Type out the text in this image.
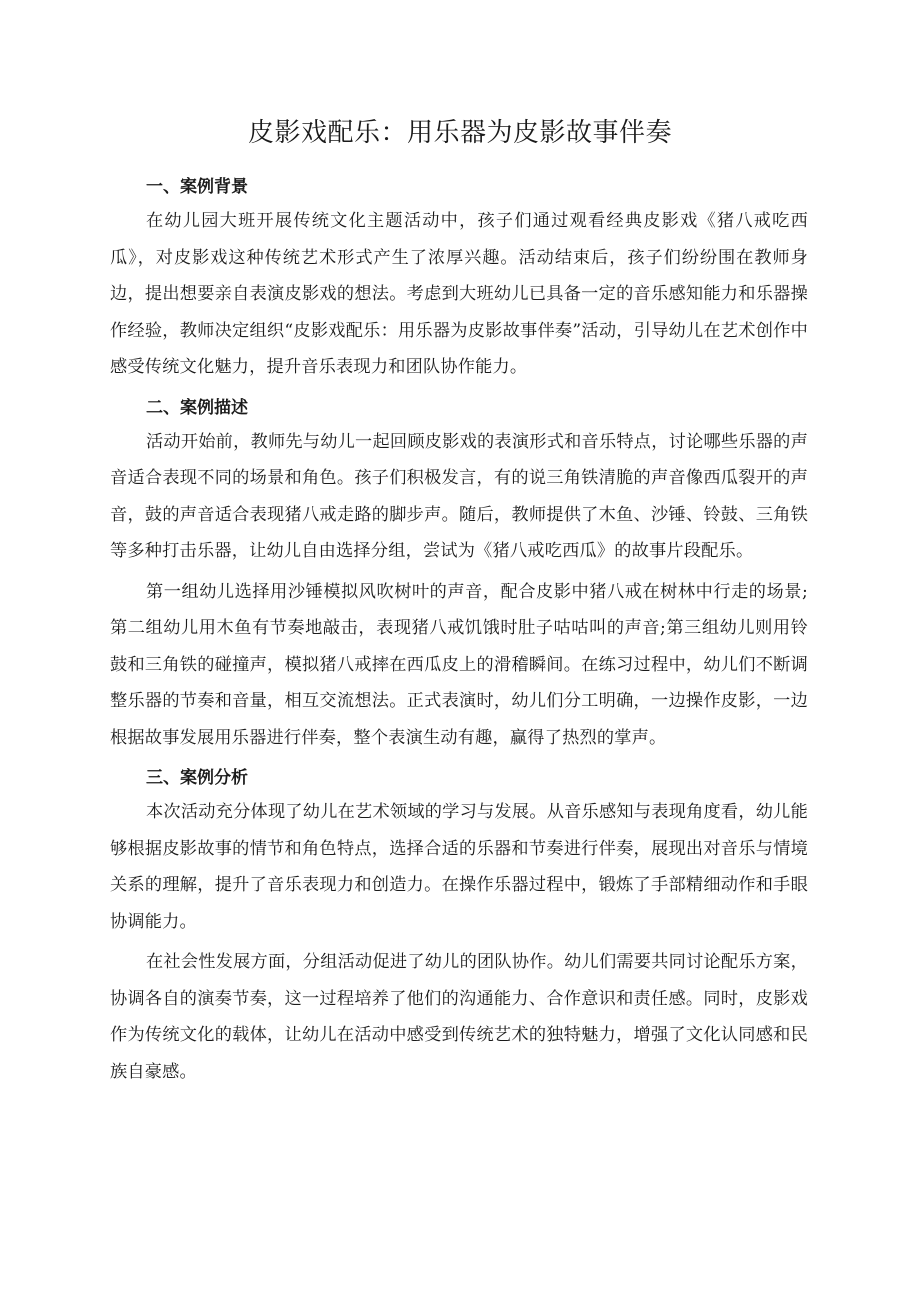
皮影戏配乐：用乐器为皮影故事伴奏
一、案例背景

在幼儿园大班开展传统文化主题活动中，孩子们通过观看经典皮影戏《猪八戒吃西瓜》，对皮影戏这种传统艺术形式产生了浓厚兴趣。活动结束后，孩子们纷纷围在教师身边，提出想要亲自表演皮影戏的想法。考虑到大班幼儿已具备一定的音乐感知能力和乐器操作经验，教师决定组织“皮影戏配乐：用乐器为皮影故事伴奏”活动，引导幼儿在艺术创作中感受传统文化魅力，提升音乐表现力和团队协作能力。

二、案例描述

活动开始前，教师先与幼儿一起回顾皮影戏的表演形式和音乐特点，讨论哪些乐器的声音适合表现不同的场景和角色。孩子们积极发言，有的说三角铁清脆的声音像西瓜裂开的声音，鼓的声音适合表现猪八戒走路的脚步声。随后，教师提供了木鱼、沙锤、铃鼓、三角铁等多种打击乐器，让幼儿自由选择分组，尝试为《猪八戒吃西瓜》的故事片段配乐。

第一组幼儿选择用沙锤模拟风吹树叶的声音，配合皮影中猪八戒在树林中行走的场景;第二组幼儿用木鱼有节奏地敲击，表现猪八戒饥饿时肚子咕咕叫的声音;第三组幼儿则用铃鼓和三角铁的碰撞声，模拟猪八戒摔在西瓜皮上的滑稽瞬间。在练习过程中，幼儿们不断调整乐器的节奏和音量，相互交流想法。正式表演时，幼儿们分工明确，一边操作皮影，一边根据故事发展用乐器进行伴奏，整个表演生动有趣，赢得了热烈的掌声。

三、案例分析

本次活动充分体现了幼儿在艺术领域的学习与发展。从音乐感知与表现角度看，幼儿能够根据皮影故事的情节和角色特点，选择合适的乐器和节奏进行伴奏，展现出对音乐与情境关系的理解，提升了音乐表现力和创造力。在操作乐器过程中，锻炼了手部精细动作和手眼协调能力。

在社会性发展方面，分组活动促进了幼儿的团队协作。幼儿们需要共同讨论配乐方案，协调各自的演奏节奏，这一过程培养了他们的沟通能力、合作意识和责任感。同时，皮影戏作为传统文化的载体，让幼儿在活动中感受到传统艺术的独特魅力，增强了文化认同感和民族自豪感。
